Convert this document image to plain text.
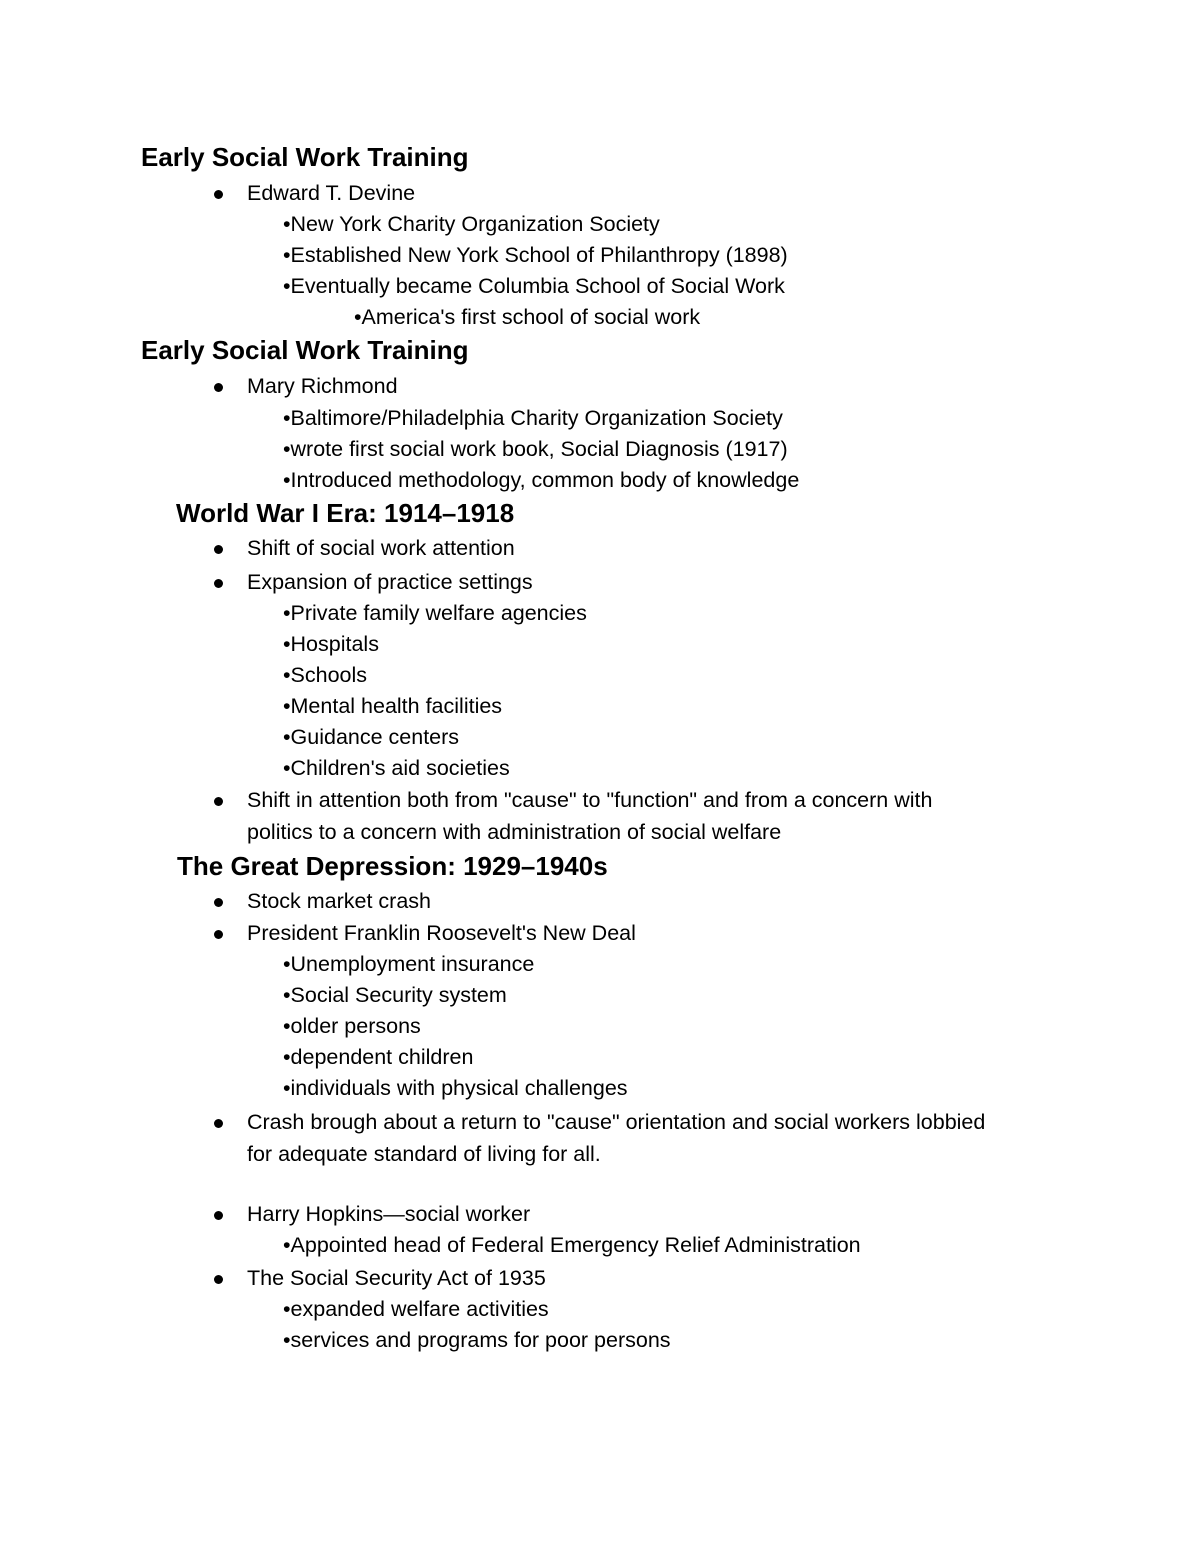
Early Social Work Training
Edward T. Devine
•New York Charity Organization Society
•Established New York School of Philanthropy (1898)
•Eventually became Columbia School of Social Work
•America's first school of social work
Early Social Work Training
Mary Richmond
•Baltimore/Philadelphia Charity Organization Society
•wrote first social work book, Social Diagnosis (1917)
•Introduced methodology, common body of knowledge
World War I Era: 1914–1918
Shift of social work attention
Expansion of practice settings
•Private family welfare agencies
•Hospitals
•Schools
•Mental health facilities
•Guidance centers
•Children's aid societies
Shift in attention both from "cause" to "function" and from a concern with
politics to a concern with administration of social welfare
The Great Depression: 1929–1940s
Stock market crash
President Franklin Roosevelt's New Deal
•Unemployment insurance
•Social Security system
•older persons
•dependent children
•individuals with physical challenges
Crash brough about a return to "cause" orientation and social workers lobbied
for adequate standard of living for all.
Harry Hopkins—social worker
•Appointed head of Federal Emergency Relief Administration
The Social Security Act of 1935
•expanded welfare activities
•services and programs for poor persons
